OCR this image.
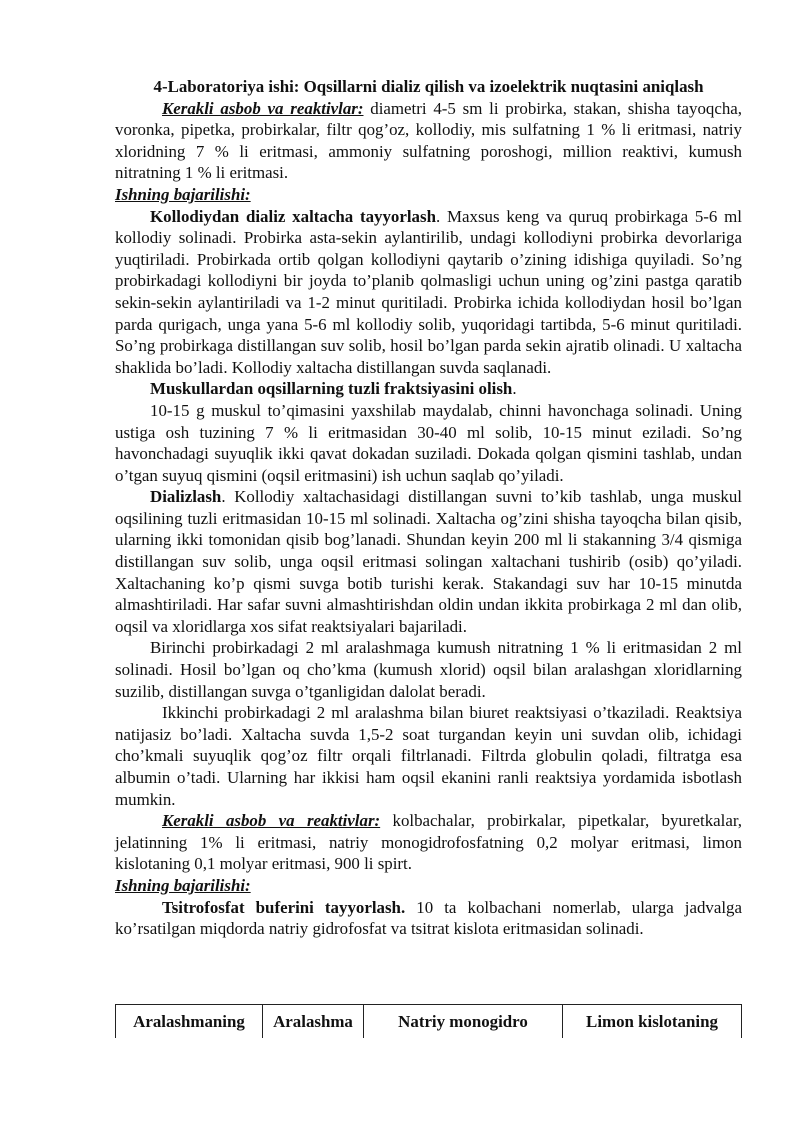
4-Laboratoriya ishi: Oqsillarni dializ qilish va izoelektrik nuqtasini aniqlash

Kerakli asbob va reaktivlar: diametri 4-5 sm li probirka, stakan, shisha tayoqcha, voronka, pipetka, probirkalar, filtr qog’oz, kollodiy, mis sulfatning 1 % li eritmasi, natriy xloridning 7 % li eritmasi, ammoniy sulfatning poroshogi, million reaktivi, kumush nitratning 1 % li eritmasi.

Ishning bajarilishi:

Kollodiydan dializ xaltacha tayyorlash. Maxsus keng va quruq probirkaga 5-6 ml kollodiy solinadi. Probirka asta-sekin aylantirilib, undagi kollodiyni probirka devorlariga yuqtiriladi. Probirkada ortib qolgan kollodiyni qaytarib o’zining idishiga quyiladi. So’ng probirkadagi kollodiyni bir joyda to’planib qolmasligi uchun uning og’zini pastga qaratib sekin-sekin aylantiriladi va 1-2 minut quritiladi. Probirka ichida kollodiydan hosil bo’lgan parda qurigach, unga yana 5-6 ml kollodiy solib, yuqoridagi tartibda, 5-6 minut quritiladi. So’ng probirkaga distillangan suv solib, hosil bo’lgan parda sekin ajratib olinadi. U xaltacha shaklida bo’ladi. Kollodiy xaltacha distillangan suvda saqlanadi.

Muskullardan oqsillarning tuzli fraktsiyasini olish.

10-15 g muskul to’qimasini yaxshilab maydalab, chinni havonchaga solinadi. Uning ustiga osh tuzining 7 % li eritmasidan 30-40 ml solib, 10-15 minut eziladi. So’ng havonchadagi suyuqlik ikki qavat dokadan suziladi. Dokada qolgan qismini tashlab, undan o’tgan suyuq qismini (oqsil eritmasini) ish uchun saqlab qo’yiladi.

Dializlash. Kollodiy xaltachasidagi distillangan suvni to’kib tashlab, unga muskul oqsilining tuzli eritmasidan 10-15 ml solinadi. Xaltacha og’zini shisha tayoqcha bilan qisib, ularning ikki tomonidan qisib bog’lanadi. Shundan keyin 200 ml li stakanning 3/4 qismiga distillangan suv solib, unga oqsil eritmasi solingan xaltachani tushirib (osib) qo’yiladi. Xaltachaning ko’p qismi suvga botib turishi kerak. Stakandagi suv har 10-15 minutda almashtiriladi. Har safar suvni almashtirishdan oldin undan ikkita probirkaga 2 ml dan olib, oqsil va xloridlarga xos sifat reaktsiyalari bajariladi.

Birinchi probirkadagi 2 ml aralashmaga kumush nitratning 1 % li eritmasidan 2 ml solinadi. Hosil bo’lgan oq cho’kma (kumush xlorid) oqsil bilan aralashgan xloridlarning suzilib, distillangan suvga o’tganligidan dalolat beradi.

Ikkinchi probirkadagi 2 ml aralashma bilan biuret reaktsiyasi o’tkaziladi. Reaktsiya natijasiz bo’ladi. Xaltacha suvda 1,5-2 soat turgandan keyin uni suvdan olib, ichidagi cho’kmali suyuqlik qog’oz filtr orqali filtrlanadi. Filtrda globulin qoladi, filtratga esa albumin o’tadi. Ularning har ikkisi ham oqsil ekanini ranli reaktsiya yordamida isbotlash mumkin.

Kerakli asbob va reaktivlar: kolbachalar, probirkalar, pipetkalar, byuretkalar, jelatinning 1% li eritmasi, natriy monogidrofosfatning 0,2 molyar eritmasi, limon kislotaning 0,1 molyar eritmasi, 900 li spirt.

Ishning bajarilishi:

Tsitrofosfat buferini tayyorlash. 10 ta kolbachani nomerlab, ularga jadvalga ko’rsatilgan miqdorda natriy gidrofosfat va tsitrat kislota eritmasidan solinadi.

Aralashmaning	Aralashma	Natriy monogidro	Limon kislotaning
